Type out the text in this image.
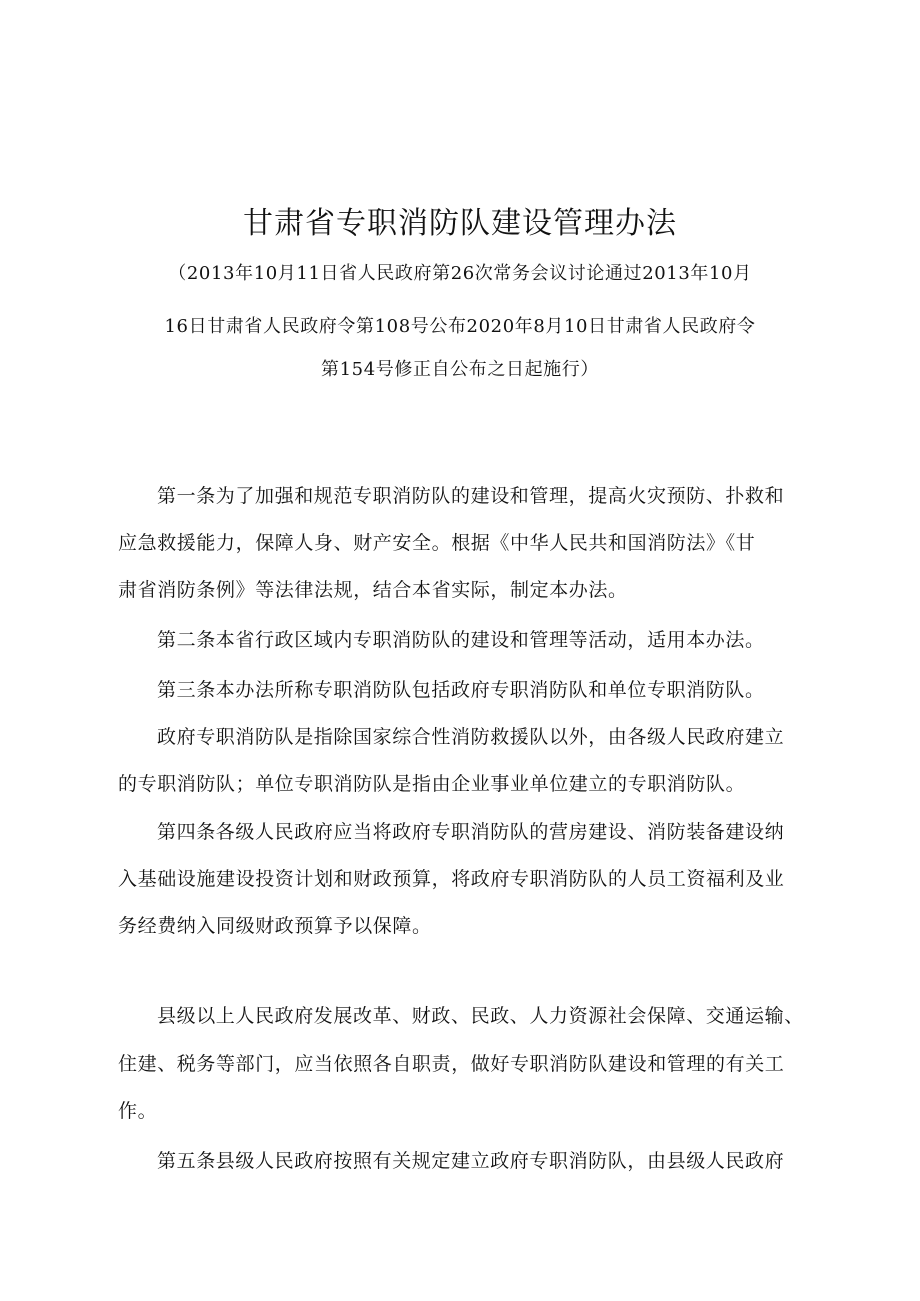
甘肃省专职消防队建设管理办法
（2013年10月11日省人民政府第26次常务会议讨论通过2013年10月
16日甘肃省人民政府令第108号公布2020年8月10日甘肃省人民政府令
第154号修正自公布之日起施行）
第一条为了加强和规范专职消防队的建设和管理，提高火灾预防、扑救和
应急救援能力，保障人身、财产安全。根据《中华人民共和国消防法》《甘
肃省消防条例》等法律法规，结合本省实际，制定本办法。
第二条本省行政区域内专职消防队的建设和管理等活动，适用本办法。
第三条本办法所称专职消防队包括政府专职消防队和单位专职消防队。
政府专职消防队是指除国家综合性消防救援队以外，由各级人民政府建立
的专职消防队；单位专职消防队是指由企业事业单位建立的专职消防队。
第四条各级人民政府应当将政府专职消防队的营房建设、消防装备建设纳
入基础设施建设投资计划和财政预算，将政府专职消防队的人员工资福利及业
务经费纳入同级财政预算予以保障。
县级以上人民政府发展改革、财政、民政、人力资源社会保障、交通运输、
住建、税务等部门，应当依照各自职责，做好专职消防队建设和管理的有关工
作。
第五条县级人民政府按照有关规定建立政府专职消防队，由县级人民政府
